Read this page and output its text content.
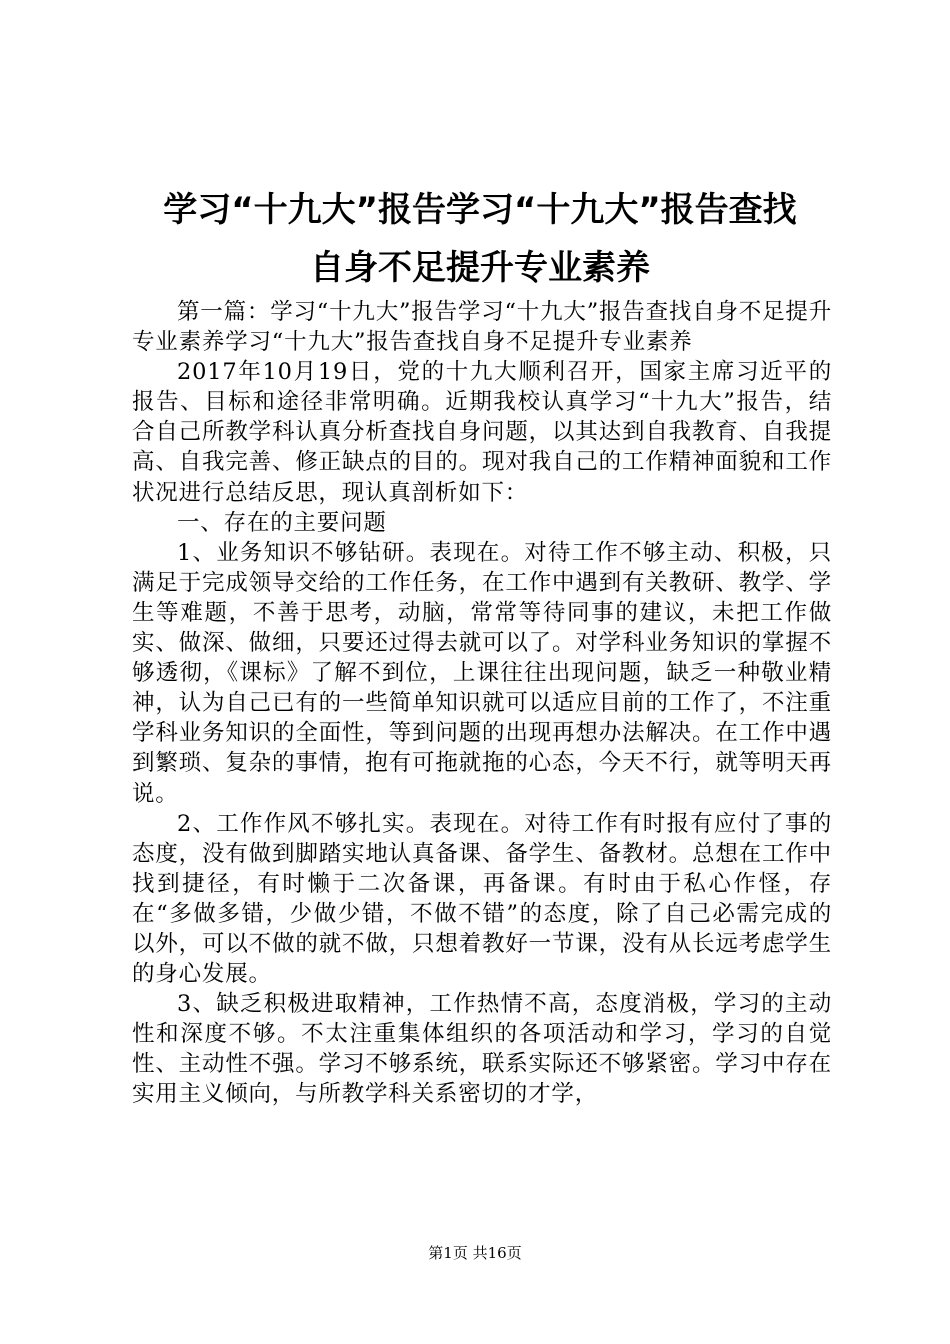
学习“十九大”报告学习“十九大”报告查找
自身不足提升专业素养

第一篇：学习“十九大”报告学习“十九大”报告查找自身不足提升专业素养学习“十九大”报告查找自身不足提升专业素养

2017年10月19日，党的十九大顺利召开，国家主席习近平的报告、目标和途径非常明确。近期我校认真学习“十九大”报告，结合自己所教学科认真分析查找自身问题，以其达到自我教育、自我提高、自我完善、修正缺点的目的。现对我自己的工作精神面貌和工作状况进行总结反思，现认真剖析如下：

一、存在的主要问题

1、业务知识不够钻研。表现在。对待工作不够主动、积极，只满足于完成领导交给的工作任务，在工作中遇到有关教研、教学、学生等难题，不善于思考，动脑，常常等待同事的建议，未把工作做实、做深、做细，只要还过得去就可以了。对学科业务知识的掌握不够透彻，《课标》了解不到位，上课往往出现问题，缺乏一种敬业精神，认为自己已有的一些简单知识就可以适应目前的工作了，不注重学科业务知识的全面性，等到问题的出现再想办法解决。在工作中遇到繁琐、复杂的事情，抱有可拖就拖的心态，今天不行，就等明天再说。

2、工作作风不够扎实。表现在。对待工作有时报有应付了事的态度，没有做到脚踏实地认真备课、备学生、备教材。总想在工作中找到捷径，有时懒于二次备课，再备课。有时由于私心作怪，存在“多做多错，少做少错，不做不错”的态度，除了自己必需完成的以外，可以不做的就不做，只想着教好一节课，没有从长远考虑学生的身心发展。

3、缺乏积极进取精神，工作热情不高，态度消极，学习的主动性和深度不够。不太注重集体组织的各项活动和学习，学习的自觉性、主动性不强。学习不够系统，联系实际还不够紧密。学习中存在实用主义倾向，与所教学科关系密切的才学，

第1页 共16页
